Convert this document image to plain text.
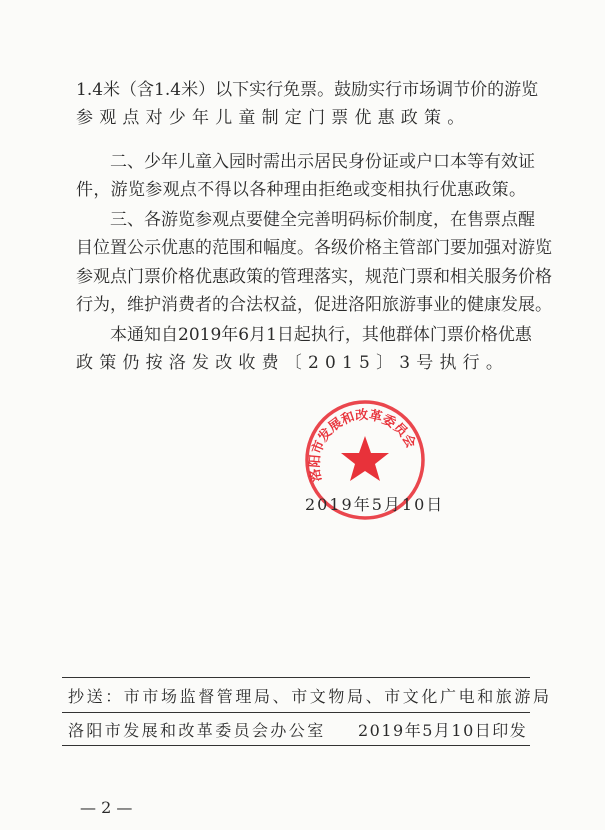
1.4米（含1.4米）以下实行免票。鼓励实行市场调节价的游览
参观点对少年儿童制定门票优惠政策。
二、少年儿童入园时需出示居民身份证或户口本等有效证
件，游览参观点不得以各种理由拒绝或变相执行优惠政策。
三、各游览参观点要健全完善明码标价制度，在售票点醒
目位置公示优惠的范围和幅度。各级价格主管部门要加强对游览
参观点门票价格优惠政策的管理落实，规范门票和相关服务价格
行为，维护消费者的合法权益，促进洛阳旅游事业的健康发展。
本通知自2019年6月1日起执行，其他群体门票价格优惠
政策仍按洛发改收费〔2015〕3号执行。
洛阳市发展和改革委员会
2019年5月10日
抄送：市市场监督管理局、市文物局、市文化广电和旅游局
洛阳市发展和改革委员会办公室 2019年5月10日印发
— 2 —
